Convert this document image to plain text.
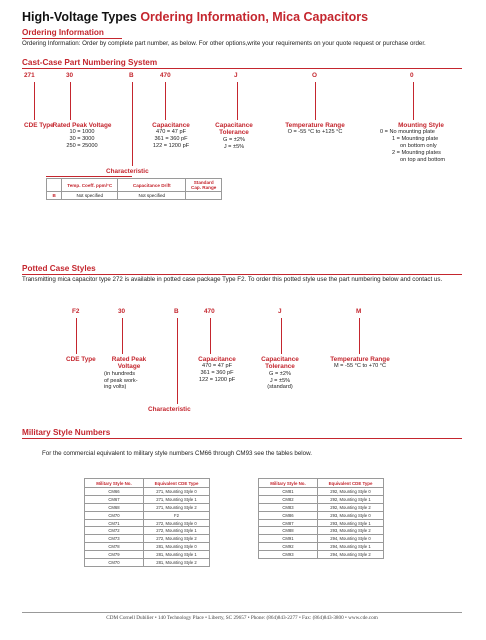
High-Voltage Types Ordering Information, Mica Capacitors
Ordering Information
Ordering Information: Order by complete part number, as below. For other options,write your requirements on your quote request or purchase order.
Cast-Case Part Numbering System
271	30	B	470	J	O	0
CDE Type
Rated Peak Voltage
10 = 1000
30 = 3000
250 = 25000
Capacitance
470 = 47 pF
361 = 360 pF
122 = 1200 pF
Capacitance Tolerance
G = ±2%
J = ±5%
Temperature Range
O = -55 °C to +125 °C
Mounting Style
0 = No mounting plate
1 = Mounting plate
on bottom only
2 = Mounting plates
on top and bottom
Characteristic
	Temp. Coeff. ppm/°C	Capacitance Drift	Standard Cap. Range
B	Not specified	Not specified	
Potted Case Styles
Transmitting mica capacitor type 272 is available in potted case package Type F2. To order this potted style use the part numbering below and contact us.
F2	30	B	470	J	M
CDE Type	Rated Peak Voltage
(in hundreds
of peak work-
ing volts)
Capacitance
470 = 47 pF
361 = 360 pF
122 = 1200 pF
Capacitance Tolerance
G = ±2%
J = ±5%
(standard)
Temperature Range
M = -55 °C to +70 °C
Characteristic
Military Style Numbers
For the commercial equivalent to military style numbers CM66 through CM93 see the tables below.
Military Style No.	Equivalent CDE Type
CM66	271, Mounting Style 0
CM67	271, Mounting Style 1
CM68	271, Mounting Style 2
CM70	F2
CM71	272, Mounting Style 0
CM72	272, Mounting Style 1
CM73	272, Mounting Style 2
CM78	281, Mounting Style 0
CM79	281, Mounting Style 1
CM70	281, Mounting Style 2
Military Style No.	Equivalent CDE Type
CM81	292, Mounting Style 0
CM82	292, Mounting Style 1
CM83	292, Mounting Style 2
CM86	293, Mounting Style 0
CM87	293, Mounting Style 1
CM88	293, Mounting Style 2
CM91	294, Mounting Style 0
CM92	294, Mounting Style 1
CM93	294, Mounting Style 2
CDM Cornell Dubilier • 140 Technology Place • Liberty, SC 29657 • Phone: (864)843-2277 • Fax: (864)843-3800 • www.cde.com
